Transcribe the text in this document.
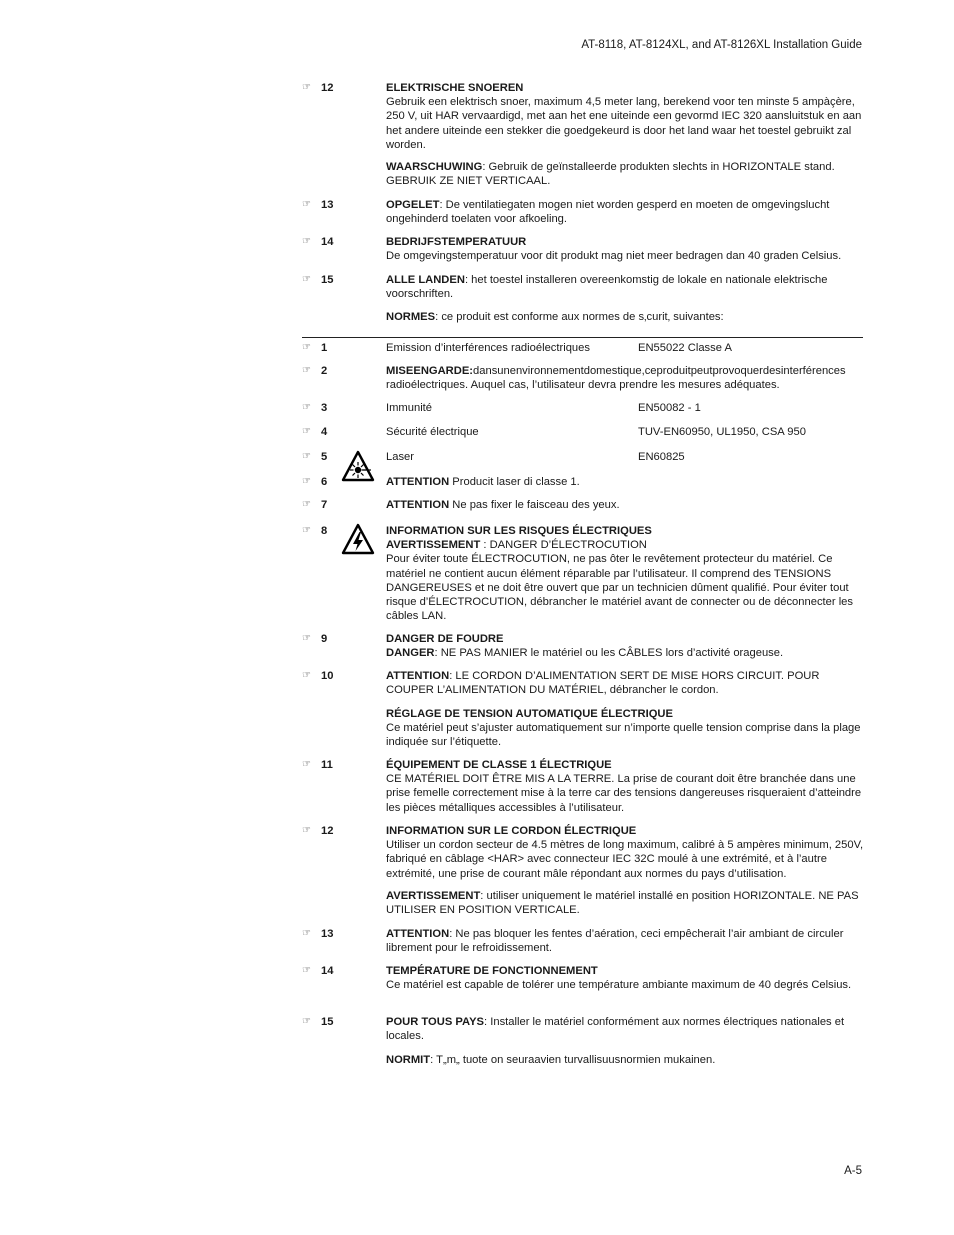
AT-8118, AT-8124XL, and AT-8126XL Installation Guide
☞ 12	ELEKTRISCHE SNOEREN
Gebruik een elektrisch snoer, maximum 4,5 meter lang, berekend voor ten minste 5 ampàçère, 250 V, uit HAR vervaardigd, met aan het ene uiteinde een gevormd IEC 320 aansluitstuk en aan het andere uiteinde een stekker die goedgekeurd is door het land waar het toestel gebruikt zal worden.
WAARSCHUWING: Gebruik de geïnstalleerde produkten slechts in HORIZONTALE stand. GEBRUIK ZE NIET VERTICAAL.
☞ 13	OPGELET: De ventilatiegaten mogen niet worden gesperd en moeten de omgevingslucht ongehinderd toelaten voor afkoeling.
☞ 14	BEDRIJFSTEMPERATUUR
De omgevingstemperatuur voor dit produkt mag niet meer bedragen dan 40 graden Celsius.
☞ 15	ALLE LANDEN: het toestel installeren overeenkomstig de lokale en nationale elektrische voorschriften.
NORMES: ce produit est conforme aux normes de s‚curit‚ suivantes:
☞ 1	Emission d’interférences radioélectriques	EN55022 Classe A
☞ 2	MISEENGARDE:dansunenvironnementdomestique,ceproduitpeutprovoquerdesinterférences
radioélectriques. Auquel cas, l’utilisateur devra prendre les mesures adéquates.
☞ 3	Immunité	EN50082 - 1
☞ 4	Sécurité électrique	TUV-EN60950, UL1950, CSA 950
☞ 5	Laser	EN60825
☞ 6	ATTENTION Producit laser di classe 1.
☞ 7	ATTENTION Ne pas fixer le faisceau des yeux.
☞ 8	INFORMATION SUR LES RISQUES ÉLECTRIQUES
AVERTISSEMENT : DANGER D’ÉLECTROCUTION
Pour éviter toute ÉLECTROCUTION, ne pas ôter le revêtement protecteur du matériel. Ce matériel ne contient aucun élément réparable par l’utilisateur. Il comprend des TENSIONS DANGEREUSES et ne doit être ouvert que par un technicien dûment qualifié. Pour éviter tout risque d’ÉLECTROCUTION, débrancher le matériel avant de connecter ou de déconnecter les câbles LAN.
☞ 9	DANGER DE FOUDRE
DANGER: NE PAS MANIER le matériel ou les CÂBLES lors d’activité orageuse.
☞ 10	ATTENTION: LE CORDON D’ALIMENTATION SERT DE MISE HORS CIRCUIT. POUR COUPER L’ALIMENTATION DU MATÉRIEL, débrancher le cordon.
RÉGLAGE DE TENSION AUTOMATIQUE ÉLECTRIQUE
Ce matériel peut s’ajuster automatiquement sur n’importe quelle tension comprise dans la plage indiquée sur l’étiquette.
☞ 11	ÉQUIPEMENT DE CLASSE 1 ÉLECTRIQUE
CE MATÉRIEL DOIT ÊTRE MIS A LA TERRE. La prise de courant doit être branchée dans une prise femelle correctement mise à la terre car des tensions dangereuses risqueraient d’atteindre les pièces métalliques accessibles à l’utilisateur.
☞ 12	INFORMATION SUR LE CORDON ÉLECTRIQUE
Utiliser un cordon secteur de 4.5 mètres de long maximum, calibré à 5 ampères minimum, 250V, fabriqué en câblage <HAR> avec connecteur IEC 32C moulé à une extrémité, et à l’autre extrémité, une prise de courant mâle répondant aux normes du pays d’utilisation.
AVERTISSEMENT: utiliser uniquement le matériel installé en position HORIZONTALE. NE PAS UTILISER EN POSITION VERTICALE.
☞ 13	ATTENTION: Ne pas bloquer les fentes d’aération, ceci empêcherait l’air ambiant de circuler librement pour le refroidissement.
☞ 14	TEMPÉRATURE DE FONCTIONNEMENT
Ce matériel est capable de tolérer une température ambiante maximum de 40 degrés Celsius.
☞ 15	POUR TOUS PAYS: Installer le matériel conformément aux normes électriques nationales et locales.
NORMIT: T„m„ tuote on seuraavien turvallisuusnormien mukainen.
A-5
